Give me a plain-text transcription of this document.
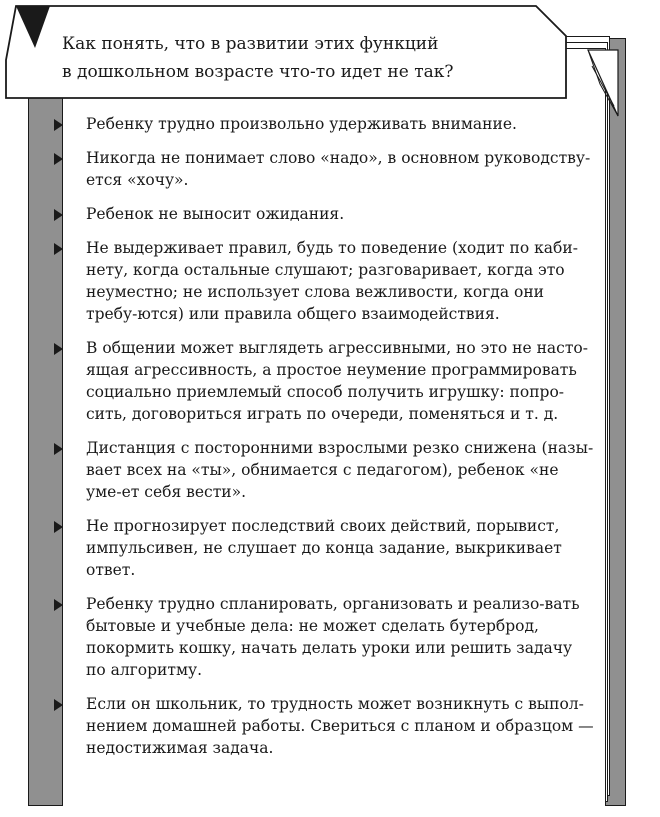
Как понять, что в развитии этих функций
в дошкольном возрасте что-то идет не так?
Ребенку трудно произвольно удерживать внимание.
Никогда не понимает слово «надо», в основном руководству-ется «хочу».
Ребенок не выносит ожидания.
Не выдерживает правил, будь то поведение (ходит по каби-нету, когда остальные слушают; разговаривает, когда это неуместно; не использует слова вежливости, когда они требу-ются) или правила общего взаимодействия.
В общении может выглядеть агрессивными, но это не насто-ящая агрессивность, а простое неумение программировать социально приемлемый способ получить игрушку: попро-сить, договориться играть по очереди, поменяться и т. д.
Дистанция с посторонними взрослыми резко снижена (назы-вает всех на «ты», обнимается с педагогом), ребенок «не уме-ет себя вести».
Не прогнозирует последствий своих действий, порывист, импульсивен, не слушает до конца задание, выкрикивает ответ.
Ребенку трудно спланировать, организовать и реализо-вать бытовые и учебные дела: не может сделать бутерброд, покормить кошку, начать делать уроки или решить задачу по алгоритму.
Если он школьник, то трудность может возникнуть с выпол-нением домашней работы. Свериться с планом и образцом — недостижимая задача.
